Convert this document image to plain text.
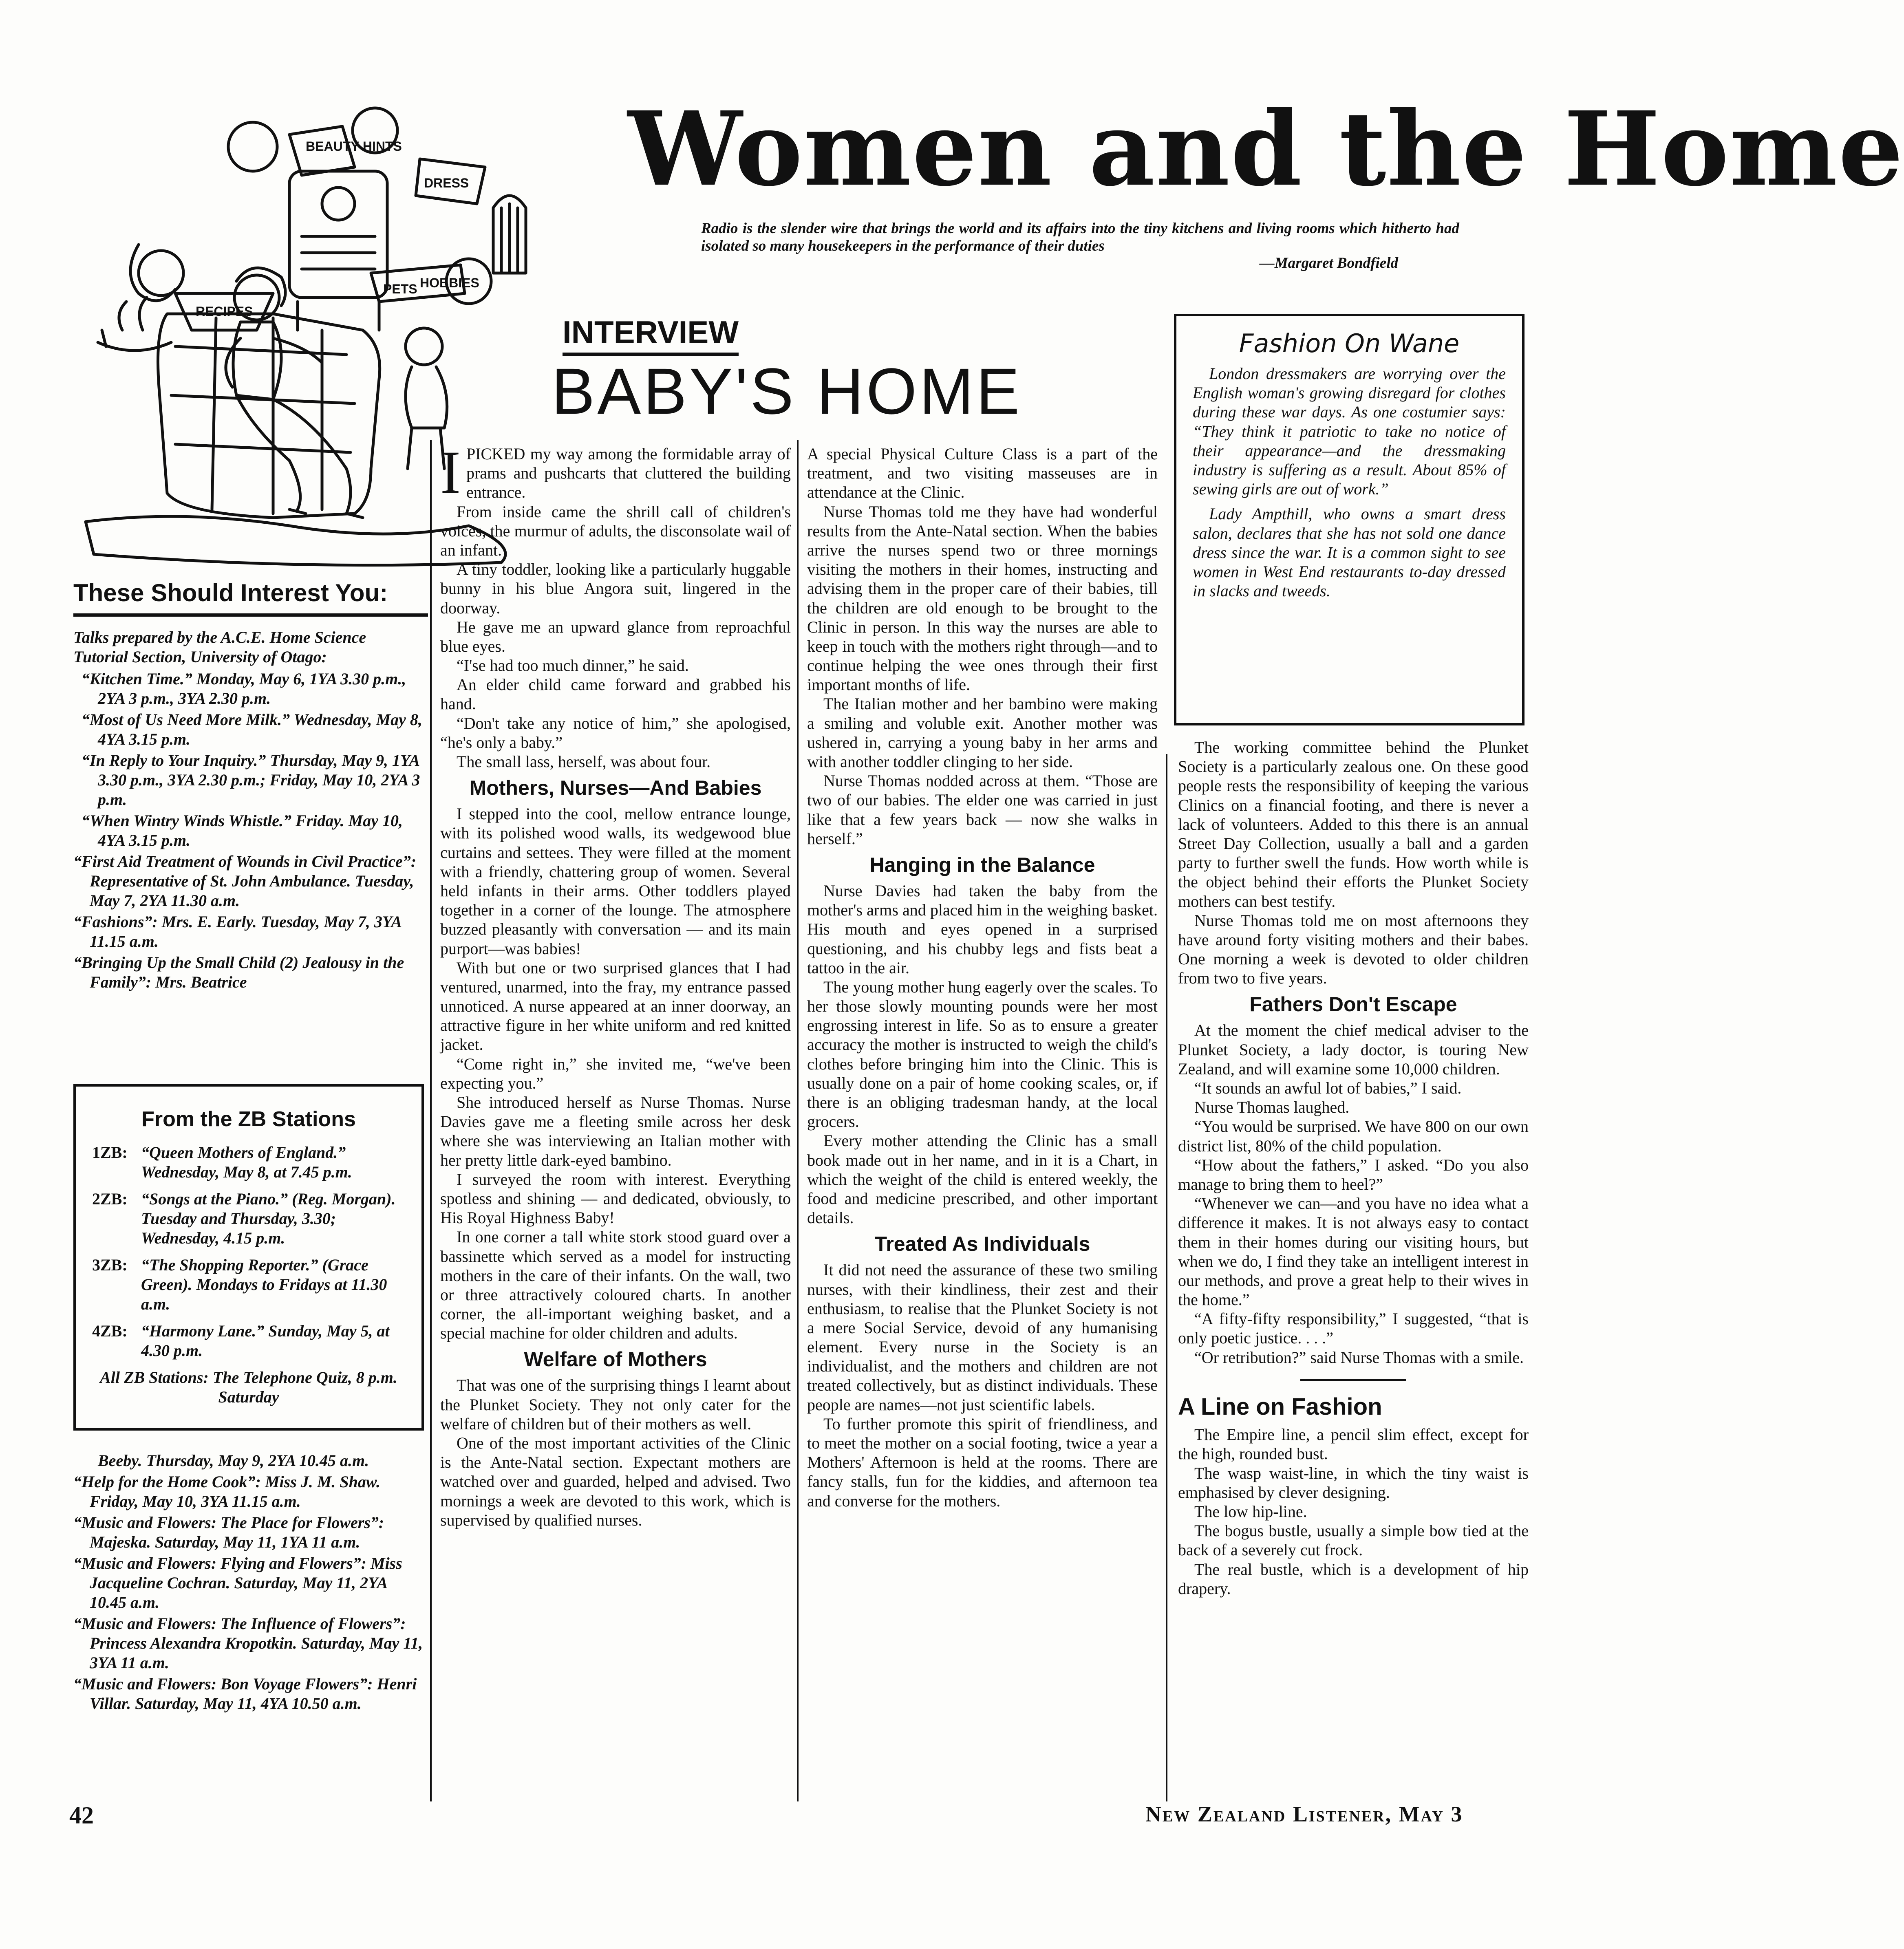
Women and the Home
Radio is the slender wire that brings the world and its affairs into the tiny kitchens and living rooms which hitherto had isolated so many housekeepers in the performance of their duties
—Margaret Bondfield
BEAUTY HINTS
RECIPES
DRESS
PETS HOBBIES
INTERVIEW
BABY'S HOME
I PICKED my way among the formidable array of prams and pushcarts that cluttered the building entrance.

From inside came the shrill call of children's voices, the murmur of adults, the disconsolate wail of an infant.

A tiny toddler, looking like a particularly huggable bunny in his blue Angora suit, lingered in the doorway.

He gave me an upward glance from reproachful blue eyes.

“I'se had too much dinner,” he said.

An elder child came forward and grabbed his hand.

“Don't take any notice of him,” she apologised, “he's only a baby.”

The small lass, herself, was about four.

Mothers, Nurses—And Babies

I stepped into the cool, mellow entrance lounge, with its polished wood walls, its wedgewood blue curtains and settees. They were filled at the moment with a friendly, chattering group of women. Several held infants in their arms. Other toddlers played together in a corner of the lounge. The atmosphere buzzed pleasantly with conversation — and its main purport—was babies!

With but one or two surprised glances that I had ventured, unarmed, into the fray, my entrance passed unnoticed. A nurse appeared at an inner doorway, an attractive figure in her white uniform and red knitted jacket.

“Come right in,” she invited me, “we've been expecting you.”

She introduced herself as Nurse Thomas. Nurse Davies gave me a fleeting smile across her desk where she was interviewing an Italian mother with her pretty little dark-eyed bambino.

I surveyed the room with interest. Everything spotless and shining — and dedicated, obviously, to His Royal Highness Baby!

In one corner a tall white stork stood guard over a bassinette which served as a model for instructing mothers in the care of their infants. On the wall, two or three attractively coloured charts. In another corner, the all-important weighing basket, and a special machine for older children and adults.

Welfare of Mothers

That was one of the surprising things I learnt about the Plunket Society. They not only cater for the welfare of children but of their mothers as well.

One of the most important activities of the Clinic is the Ante-Natal section. Expectant mothers are watched over and guarded, helped and advised. Two mornings a week are devoted to this work, which is supervised by qualified nurses.

A special Physical Culture Class is a part of the treatment, and two visiting masseuses are in attendance at the Clinic.

Nurse Thomas told me they have had wonderful results from the Ante-Natal section. When the babies arrive the nurses spend two or three mornings visiting the mothers in their homes, instructing and advising them in the proper care of their babies, till the children are old enough to be brought to the Clinic in person. In this way the nurses are able to keep in touch with the mothers right through—and to continue helping the wee ones through their first important months of life.

The Italian mother and her bambino were making a smiling and voluble exit. Another mother was ushered in, carrying a young baby in her arms and with another toddler clinging to her side.

Nurse Thomas nodded across at them. “Those are two of our babies. The elder one was carried in just like that a few years back — now she walks in herself.”

Hanging in the Balance

Nurse Davies had taken the baby from the mother's arms and placed him in the weighing basket. His mouth and eyes opened in a surprised questioning, and his chubby legs and fists beat a tattoo in the air.

The young mother hung eagerly over the scales. To her those slowly mounting pounds were her most engrossing interest in life. So as to ensure a greater accuracy the mother is instructed to weigh the child's clothes before bringing him into the Clinic. This is usually done on a pair of home cooking scales, or, if there is an obliging tradesman handy, at the local grocers.

Every mother attending the Clinic has a small book made out in her name, and in it is a Chart, in which the weight of the child is entered weekly, the food and medicine prescribed, and other important details.

Treated As Individuals

It did not need the assurance of these two smiling nurses, with their kindliness, their zest and their enthusiasm, to realise that the Plunket Society is not a mere Social Service, devoid of any humanising element. Every nurse in the Society is an individualist, and the mothers and children are not treated collectively, but as distinct individuals. These people are names—not just scientific labels.

To further promote this spirit of friendliness, and to meet the mother on a social footing, twice a year a Mothers' Afternoon is held at the rooms. There are fancy stalls, fun for the kiddies, and afternoon tea and converse for the mothers.

Fashion On Wane

London dressmakers are worrying over the English woman's growing disregard for clothes during these war days. As one costumier says: “They think it patriotic to take no notice of their appearance—and the dressmaking industry is suffering as a result. About 85% of sewing girls are out of work.”

Lady Ampthill, who owns a smart dress salon, declares that she has not sold one dance dress since the war. It is a common sight to see women in West End restaurants to-day dressed in slacks and tweeds.

The working committee behind the Plunket Society is a particularly zealous one. On these good people rests the responsibility of keeping the various Clinics on a financial footing, and there is never a lack of volunteers. Added to this there is an annual Street Day Collection, usually a ball and a garden party to further swell the funds. How worth while is the object behind their efforts the Plunket Society mothers can best testify.

Nurse Thomas told me on most afternoons they have around forty visiting mothers and their babes. One morning a week is devoted to older children from two to five years.

Fathers Don't Escape

At the moment the chief medical adviser to the Plunket Society, a lady doctor, is touring New Zealand, and will examine some 10,000 children.

“It sounds an awful lot of babies,” I said.

Nurse Thomas laughed.

“You would be surprised. We have 800 on our own district list, 80% of the child population.

“How about the fathers,” I asked. “Do you also manage to bring them to heel?”

“Whenever we can—and you have no idea what a difference it makes. It is not always easy to contact them in their homes during our visiting hours, but when we do, I find they take an intelligent interest in our methods, and prove a great help to their wives in the home.”

“A fifty-fifty responsibility,” I suggested, “that is only poetic justice. . . .”

“Or retribution?” said Nurse Thomas with a smile.

A Line on Fashion

The Empire line, a pencil slim effect, except for the high, rounded bust.

The wasp waist-line, in which the tiny waist is emphasised by clever designing.

The low hip-line.

The bogus bustle, usually a simple bow tied at the back of a severely cut frock.

The real bustle, which is a development of hip drapery.

These Should Interest You:

Talks prepared by the A.C.E. Home Science Tutorial Section, University of Otago:

“Kitchen Time.” Monday, May 6, 1YA 3.30 p.m., 2YA 3 p.m., 3YA 2.30 p.m.

“Most of Us Need More Milk.” Wednesday, May 8, 4YA 3.15 p.m.

“In Reply to Your Inquiry.” Thursday, May 9, 1YA 3.30 p.m., 3YA 2.30 p.m.; Friday, May 10, 2YA 3 p.m.

“When Wintry Winds Whistle.” Friday. May 10, 4YA 3.15 p.m.

“First Aid Treatment of Wounds in Civil Practice”: Representative of St. John Ambulance. Tuesday, May 7, 2YA 11.30 a.m.

“Fashions”: Mrs. E. Early. Tuesday, May 7, 3YA 11.15 a.m.

“Bringing Up the Small Child (2) Jealousy in the Family”: Mrs. Beatrice

From the ZB Stations
1ZB: “Queen Mothers of England.” Wednesday, May 8, at 7.45 p.m.
2ZB: “Songs at the Piano.” (Reg. Morgan). Tuesday and Thursday, 3.30; Wednesday, 4.15 p.m.
3ZB: “The Shopping Reporter.” (Grace Green). Mondays to Fridays at 11.30 a.m.
4ZB: “Harmony Lane.” Sunday, May 5, at 4.30 p.m.
All ZB Stations: The Telephone Quiz, 8 p.m. Saturday

Beeby. Thursday, May 9, 2YA 10.45 a.m.

“Help for the Home Cook”: Miss J. M. Shaw. Friday, May 10, 3YA 11.15 a.m.

“Music and Flowers: The Place for Flowers”: Majeska. Saturday, May 11, 1YA 11 a.m.

“Music and Flowers: Flying and Flowers”: Miss Jacqueline Cochran. Saturday, May 11, 2YA 10.45 a.m.

“Music and Flowers: The Influence of Flowers”: Princess Alexandra Kropotkin. Saturday, May 11, 3YA 11 a.m.

“Music and Flowers: Bon Voyage Flowers”: Henri Villar. Saturday, May 11, 4YA 10.50 a.m.

42	New Zealand Listener, May 3
